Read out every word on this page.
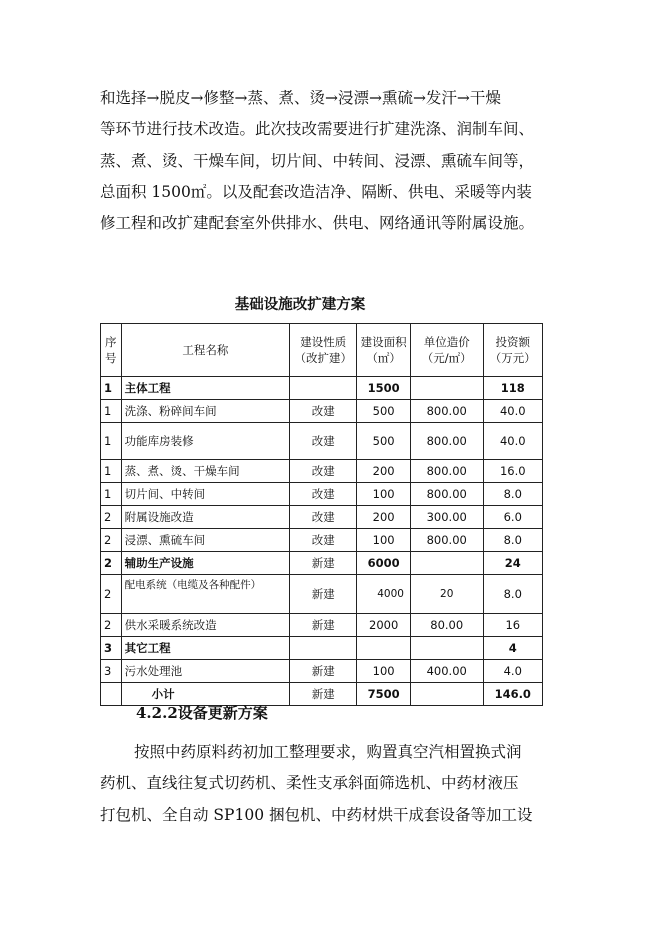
和选择→脱皮→修整→蒸、煮、烫→浸漂→熏硫→发汗→干燥
等环节进行技术改造。此次技改需要进行扩建洗涤、润制车间、
蒸、煮、烫、干燥车间，切片间、中转间、浸漂、熏硫车间等，
总面积 1500㎡。以及配套改造洁净、隔断、供电、采暖等内装
修工程和改扩建配套室外供排水、供电、网络通讯等附属设施。
基础设施改扩建方案
序号	工程名称	建设性质（改扩建）	建设面积（㎡）	单位造价（元/㎡）	投资额（万元）
1	主体工程		1500		118
1	洗涤、粉碎间车间	改建	500	800.00	40.0
1	功能库房装修	改建	500	800.00	40.0
1	蒸、煮、烫、干燥车间	改建	200	800.00	16.0
1	切片间、中转间	改建	100	800.00	8.0
2	附属设施改造	改建	200	300.00	6.0
2	浸漂、熏硫车间	改建	100	800.00	8.0
2	辅助生产设施	新建	6000		24
2	配电系统（电缆及各种配件）	新建	4000	20	8.0
2	供水采暖系统改造	新建	2000	80.00	16
3	其它工程				4
3	污水处理池	新建	100	400.00	4.0
	小计	新建	7500		146.0
4.2.2设备更新方案
按照中药原料药初加工整理要求，购置真空汽相置换式润
药机、直线往复式切药机、柔性支承斜面筛选机、中药材液压
打包机、全自动 SP100 捆包机、中药材烘干成套设备等加工设
